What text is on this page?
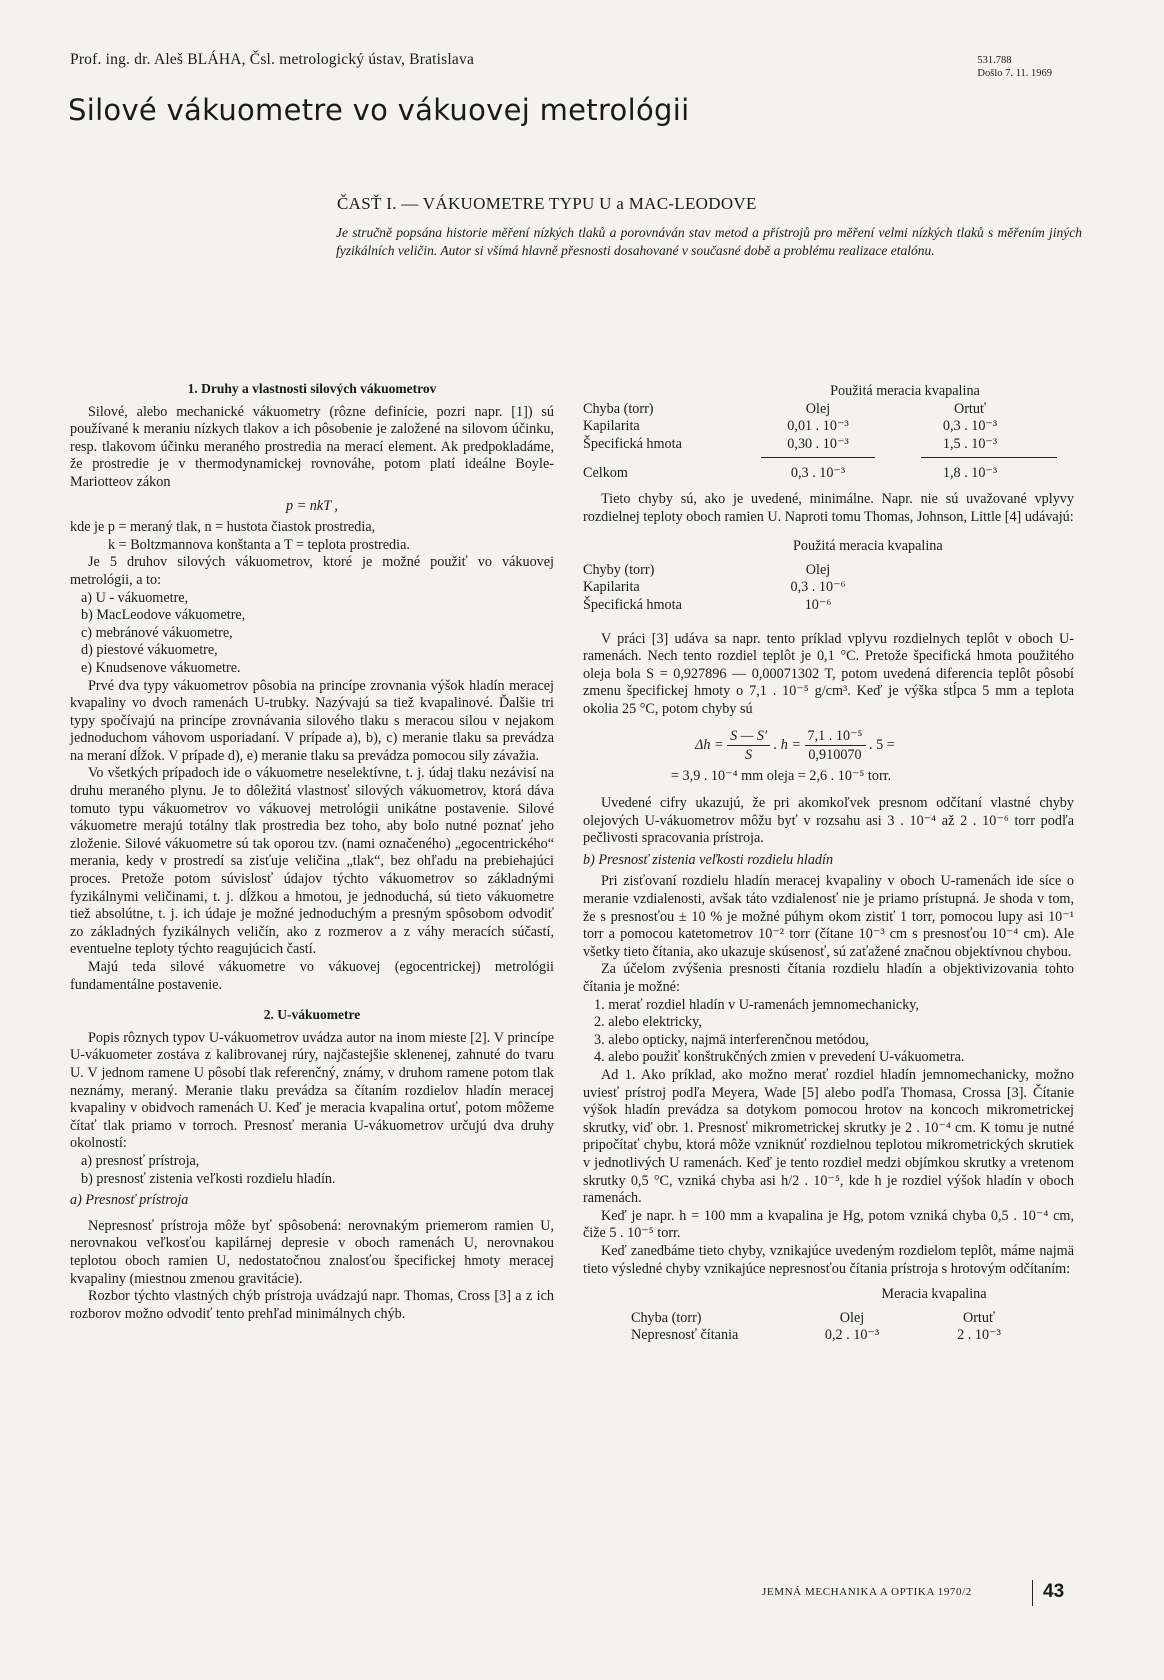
Prof. ing. dr. Aleš BLÁHA, Čsl. metrologický ústav, Bratislava	531.788
Došlo 7. 11. 1969
Silové vákuometre vo vákuovej metrológii
ČASŤ I. — VÁKUOMETRE TYPU U a MAC-LEODOVE
Je stručně popsána historie měření nízkých tlaků a porovnáván stav metod a přístrojů pro měření velmi nízkých tlaků s měřením jiných fyzikálních veličin. Autor si všímá hlavně přesnosti dosahované v současné době a problému realizace etalónu.

1. Druhy a vlastnosti silových vákuometrov

Silové, alebo mechanické vákuometry (rôzne definície, pozri napr. [1]) sú používané k meraniu nízkych tlakov a ich pôsobenie je založené na silovom účinku, resp. tlakovom účinku meraného prostredia na merací element. Ak predpokladáme, že prostredie je v thermodynamickej rovnováhe, potom platí ideálne Boyle-Mariotteov zákon

p = nkT ,

kde je p = meraný tlak, n = hustota čiastok prostredia,

k = Boltzmannova konštanta a T = teplota prostredia.

Je 5 druhov silových vákuometrov, ktoré je možné použiť vo vákuovej metrológii, a to:

a) U - vákuometre,
b) MacLeodove vákuometre,
c) mebránové vákuometre,
d) piestové vákuometre,
e) Knudsenove vákuometre.

Prvé dva typy vákuometrov pôsobia na princípe zrovnania výšok hladín meracej kvapaliny vo dvoch ramenách U-trubky. Nazývajú sa tiež kvapalinové. Ďalšie tri typy spočívajú na princípe zrovnávania silového tlaku s meracou silou v nejakom jednoduchom váhovom usporiadaní. V prípade a), b), c) meranie tlaku sa prevádza na meraní dĺžok. V prípade d), e) meranie tlaku sa prevádza pomocou sily závažia.

Vo všetkých prípadoch ide o vákuometre neselektívne, t. j. údaj tlaku nezávisí na druhu meraného plynu. Je to dôležitá vlastnosť silových vákuometrov, ktorá dáva tomuto typu vákuometrov vo vákuovej metrológii unikátne postavenie. Silové vákuometre merajú totálny tlak prostredia bez toho, aby bolo nutné poznať jeho zloženie. Silové vákuometre sú tak oporou tzv. (nami označeného) „egocentrického“ merania, kedy v prostredí sa zisťuje veličina „tlak“, bez ohľadu na prebiehajúci proces. Pretože potom súvislosť údajov týchto vákuometrov so základnými fyzikálnymi veličinami, t. j. dĺžkou a hmotou, je jednoduchá, sú tieto vákuometre tiež absolútne, t. j. ich údaje je možné jednoduchým a presným spôsobom odvodiť zo základných fyzikálnych veličín, ako z rozmerov a z váhy meracích súčastí, eventuelne teploty týchto reagujúcich častí.

Majú teda silové vákuometre vo vákuovej (egocentrickej) metrológii fundamentálne postavenie.

2. U-vákuometre

Popis rôznych typov U-vákuometrov uvádza autor na inom mieste [2]. V princípe U-vákuometer zostáva z kalibrovanej rúry, najčastejšie sklenenej, zahnuté do tvaru U. V jednom ramene U pôsobí tlak referenčný, známy, v druhom ramene potom tlak neznámy, meraný. Meranie tlaku prevádza sa čítaním rozdielov hladín meracej kvapaliny v obidvoch ramenách U. Keď je meracia kvapalina ortuť, potom môžeme čítať tlak priamo v torroch. Presnosť merania U-vákuometrov určujú dva druhy okolností:

a) presnosť prístroja,
b) presnosť zistenia veľkosti rozdielu hladín.

a) Presnosť prístroja

Nepresnosť prístroja môže byť spôsobená: nerovnakým priemerom ramien U, nerovnakou veľkosťou kapilárnej depresie v oboch ramenách U, nerovnakou teplotou oboch ramien U, nedostatočnou znalosťou špecifickej hmoty meracej kvapaliny (miestnou zmenou gravitácie).

Rozbor týchto vlastných chýb prístroja uvádzajú napr. Thomas, Cross [3] a z ich rozborov možno odvodiť tento prehľad minimálnych chýb.

	Použitá meracia kvapalina	
Chyba (torr)	Olej	Ortuť
Kapilarita	0,01 . 10⁻³	0,3 . 10⁻³
Špecifická hmota	0,30 . 10⁻³	1,5 . 10⁻³

Celkom	0,3 . 10⁻³	1,8 . 10⁻³

Tieto chyby sú, ako je uvedené, minimálne. Napr. nie sú uvažované vplyvy rozdielnej teploty oboch ramien U. Naproti tomu Thomas, Johnson, Little [4] udávajú:

	Použitá meracia kvapalina	

Chyby (torr)	Olej	
Kapilarita	0,3 . 10⁻⁶	
Špecifická hmota	10⁻⁶	

V práci [3] udáva sa napr. tento príklad vplyvu rozdielnych teplôt v oboch U-ramenách. Nech tento rozdiel teplôt je 0,1 °C. Pretože špecifická hmota použitého oleja bola S = 0,927896 — 0,00071302 T, potom uvedená diferencia teplôt pôsobí zmenu špecifickej hmoty o 7,1 . 10⁻⁵ g/cm³. Keď je výška stĺpca 5 mm a teplota okolia 25 °C, potom chyby sú

$\Delta h = \frac{S — S'}{S}$ . $h = \frac{\text{7,1 . 10⁻⁵}}{0,910070}$ . 5 =

= 3,9 . 10⁻⁴ mm oleja = 2,6 . 10⁻⁵ torr.

Uvedené cifry ukazujú, že pri akomkoľvek presnom odčítaní vlastné chyby olejových U-vákuometrov môžu byť v rozsahu asi 3 . 10⁻⁴ až 2 . 10⁻⁶ torr podľa pečlivosti spracovania prístroja.

b) Presnosť zistenia veľkosti rozdielu hladín

Pri zisťovaní rozdielu hladín meracej kvapaliny v oboch U-ramenách ide síce o meranie vzdialenosti, avšak táto vzdialenosť nie je priamo prístupná. Je shoda v tom, že s presnosťou ± 10 % je možné púhym okom zistiť 1 torr, pomocou lupy asi 10⁻¹ torr a pomocou katetometrov 10⁻² torr (čítane 10⁻³ cm s presnosťou 10⁻⁴ cm). Ale všetky tieto čítania, ako ukazuje skúsenosť, sú zaťažené značnou objektívnou chybou.

Za účelom zvýšenia presnosti čítania rozdielu hladín a objektivizovania tohto čítania je možné:

1. merať rozdiel hladín v U-ramenách jemnomechanicky,
2. alebo elektricky,
3. alebo opticky, najmä interferenčnou metódou,
4. alebo použiť konštrukčných zmien v prevedení U-vákuometra.

Ad 1. Ako príklad, ako možno merať rozdiel hladín jemnomechanicky, možno uviesť prístroj podľa Meyera, Wade [5] alebo podľa Thomasa, Crossa [3]. Čítanie výšok hladín prevádza sa dotykom pomocou hrotov na koncoch mikrometrickej skrutky, viď obr. 1. Presnosť mikrometrickej skrutky je 2 . 10⁻⁴ cm. K tomu je nutné pripočítať chybu, ktorá môže vzniknúť rozdielnou teplotou mikrometrických skrutiek v jednotlivých U ramenách. Keď je tento rozdiel medzi objímkou skrutky a vretenom skrutky 0,5 °C, vzniká chyba asi h/2 . 10⁻⁵, kde h je rozdiel výšok hladín v oboch ramenách.

Keď je napr. h = 100 mm a kvapalina je Hg, potom vzniká chyba 0,5 . 10⁻⁴ cm, čiže 5 . 10⁻⁵ torr.

Keď zanedbáme tieto chyby, vznikajúce uvedeným rozdielom teplôt, máme najmä tieto výsledné chyby vznikajúce nepresnosťou čítania prístroja s hrotovým odčítaním:

	Meracia kvapalina	

Chyba (torr)	Olej	Ortuť
Nepresnosť čítania	0,2 . 10⁻³	2 . 10⁻³
JEMNÁ MECHANIKA A OPTIKA 1970/2	43
